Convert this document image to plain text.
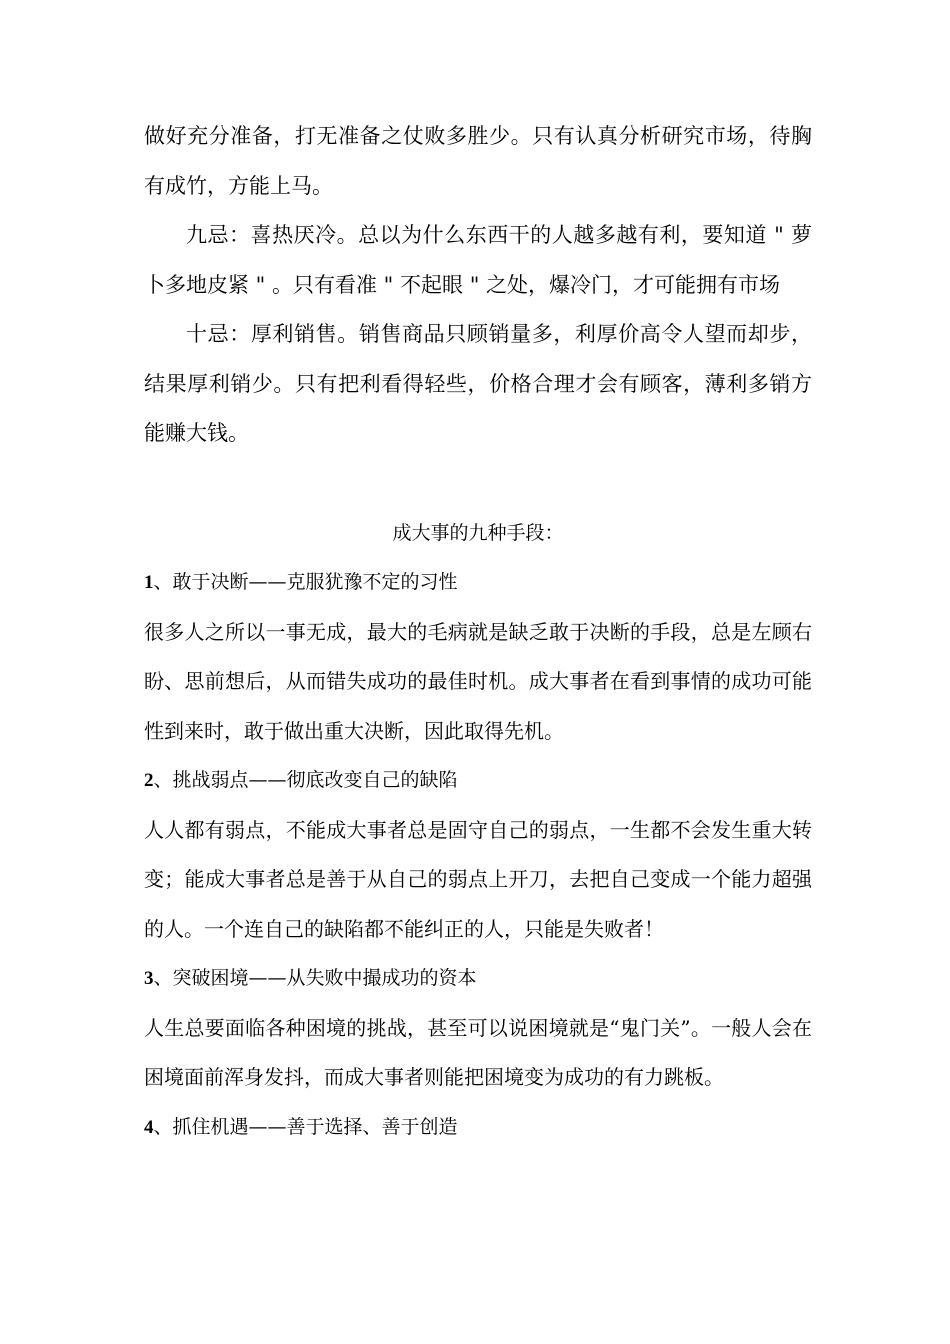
做好充分准备，打无准备之仗败多胜少。只有认真分析研究市场，待胸有成竹，方能上马。

九忌：喜热厌冷。总以为什么东西干的人越多越有利，要知道 " 萝卜多地皮紧 " 。只有看准 " 不起眼 " 之处，爆冷门，才可能拥有市场

十忌：厚利销售。销售商品只顾销量多，利厚价高令人望而却步，结果厚利销少。只有把利看得轻些，价格合理才会有顾客，薄利多销方能赚大钱。

成大事的九种手段：

1、敢于决断——克服犹豫不定的习性

很多人之所以一事无成，最大的毛病就是缺乏敢于决断的手段，总是左顾右盼、思前想后，从而错失成功的最佳时机。成大事者在看到事情的成功可能性到来时，敢于做出重大决断，因此取得先机。

2、挑战弱点——彻底改变自己的缺陷

人人都有弱点，不能成大事者总是固守自己的弱点，一生都不会发生重大转变；能成大事者总是善于从自己的弱点上开刀，去把自己变成一个能力超强的人。一个连自己的缺陷都不能纠正的人，只能是失败者！

3、突破困境——从失败中撮成功的资本

人生总要面临各种困境的挑战，甚至可以说困境就是“鬼门关”。一般人会在困境面前浑身发抖，而成大事者则能把困境变为成功的有力跳板。

4、抓住机遇——善于选择、善于创造
